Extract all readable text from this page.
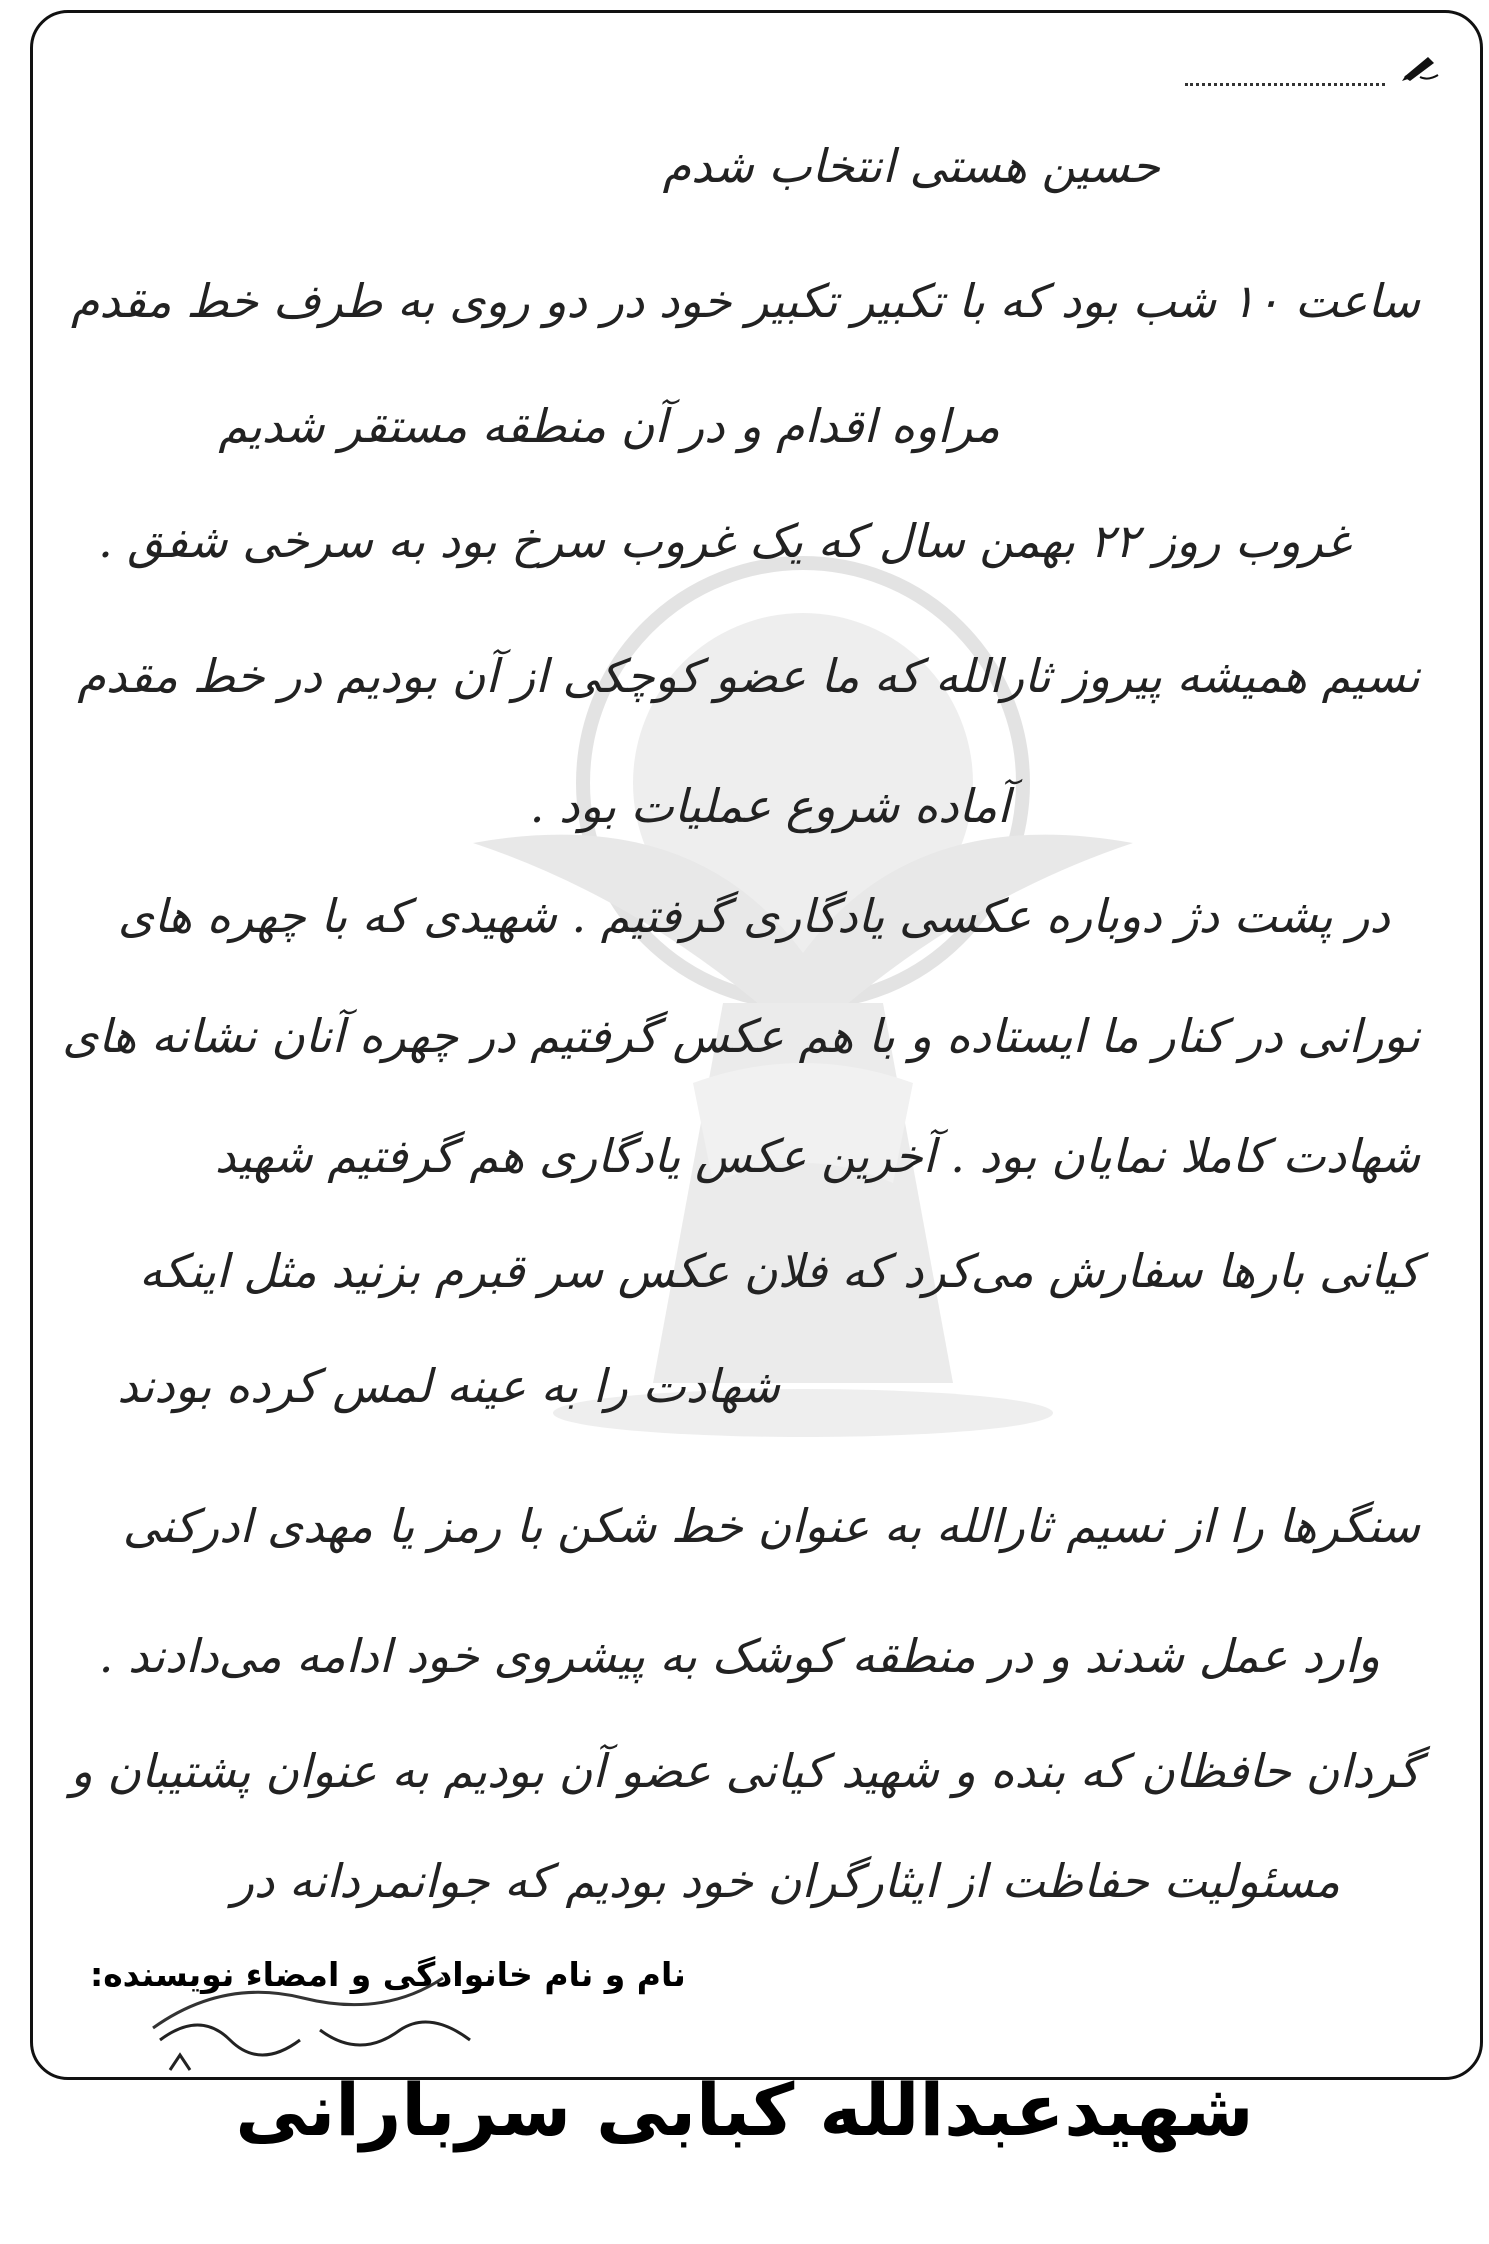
حسین هستی انتخاب شدم
ساعت ۱۰ شب بود که با تکبیر تکبیر خود در دو روی به طرف خط مقدم
مراوه اقدام و در آن منطقه مستقر شدیم
غروب روز ۲۲ بهمن سال که یک غروب سرخ بود به سرخی شفق .
نسیم همیشه پیروز ثارالله که ما عضو کوچکی از آن بودیم در خط مقدم
آماده شروع عملیات بود .
در پشت دژ دوباره عکسی یادگاری گرفتیم . شهیدی که با چهره های
نورانی در کنار ما ایستاده و با هم عکس گرفتیم در چهره آنان نشانه های
شهادت کاملا نمایان بود . آخرین عکس یادگاری هم گرفتیم شهید
کیانی بارها سفارش می‌کرد که فلان عکس سر قبرم بزنید مثل اینکه
شهادت را به عینه لمس کرده بودند
سنگرها را از نسیم ثارالله به عنوان خط شکن با رمز یا مهدی ادرکنی
وارد عمل شدند و در منطقه کوشک به پیشروی خود ادامه می‌دادند .
گردان حافظان که بنده و شهید کیانی عضو آن بودیم به عنوان پشتیبان و
مسئولیت حفاظت از ایثارگران خود بودیم که جوانمردانه در
نام و نام خانوادگی و امضاء نویسنده:
شهیدعبدالله کبابی سربارانی
